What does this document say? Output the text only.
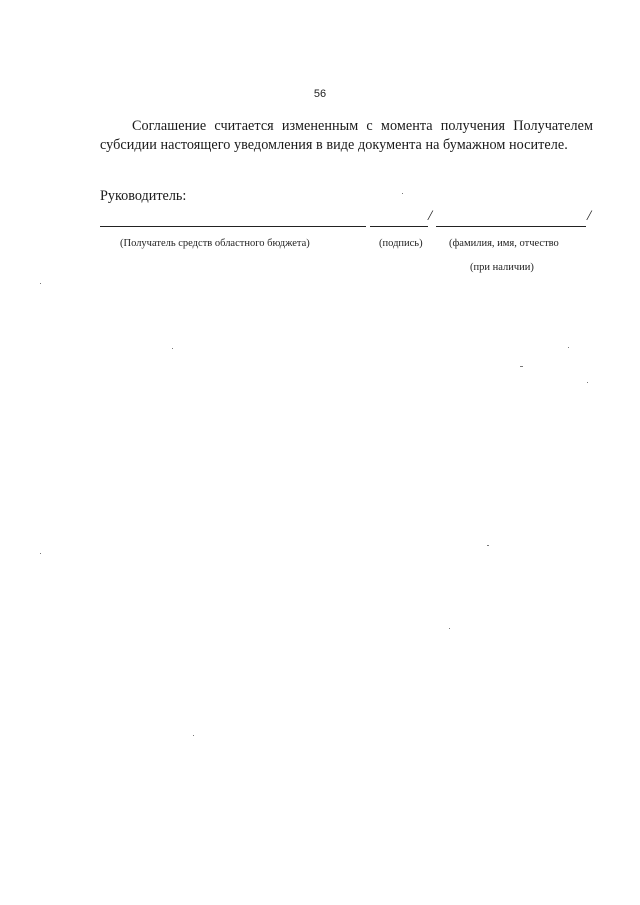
56
Соглашение считается измененным с момента получения Получателем
субсидии настоящего уведомления в виде документа на бумажном носителе.
Руководитель:
/	/
(Получатель средств областного бюджета)	(подпись)	(фамилия, имя, отчество
(при наличии)
